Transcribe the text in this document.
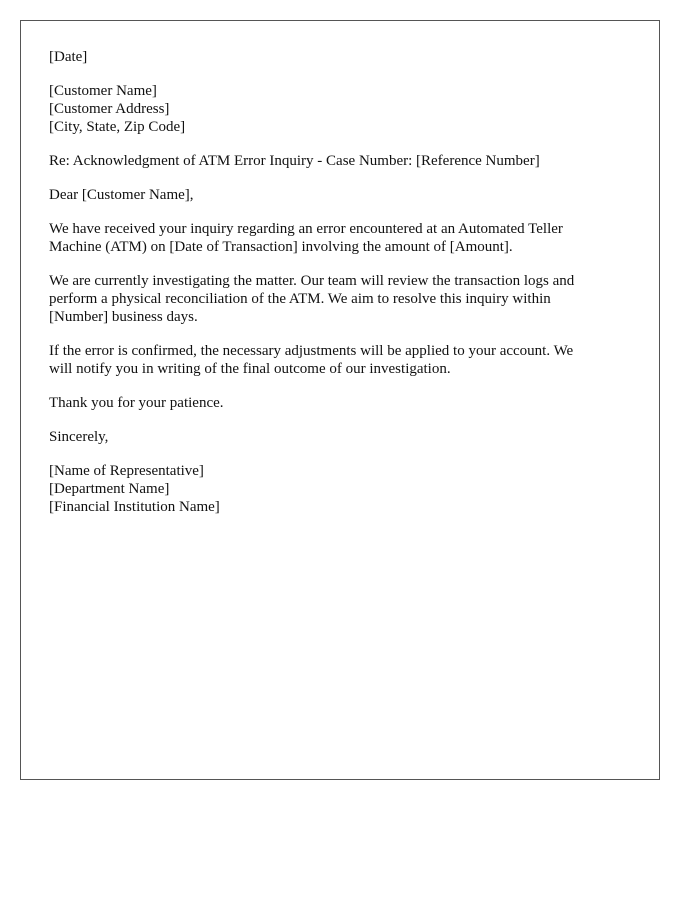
[Date]
[Customer Name]
[Customer Address]
[City, State, Zip Code]
Re: Acknowledgment of ATM Error Inquiry - Case Number: [Reference Number]
Dear [Customer Name],
We have received your inquiry regarding an error encountered at an Automated Teller
Machine (ATM) on [Date of Transaction] involving the amount of [Amount].
We are currently investigating the matter. Our team will review the transaction logs and
perform a physical reconciliation of the ATM. We aim to resolve this inquiry within
[Number] business days.
If the error is confirmed, the necessary adjustments will be applied to your account. We
will notify you in writing of the final outcome of our investigation.
Thank you for your patience.
Sincerely,
[Name of Representative]
[Department Name]
[Financial Institution Name]
